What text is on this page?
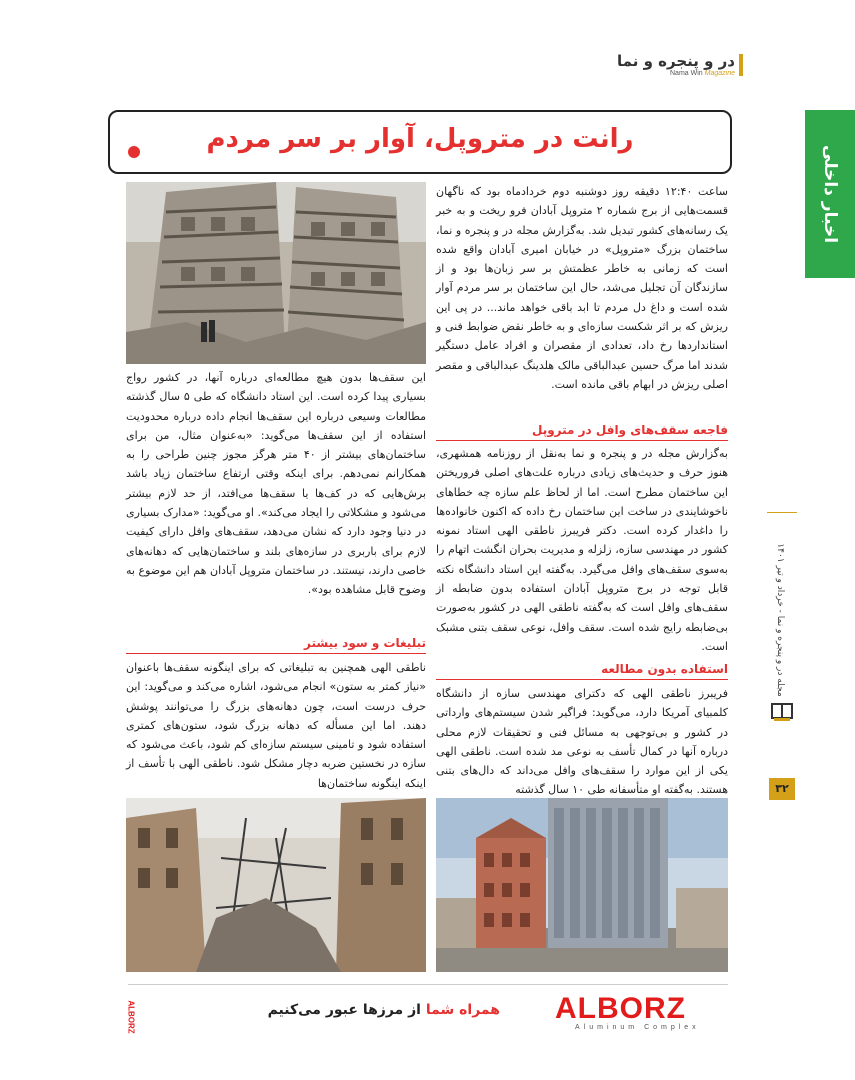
در و پنجره و نما
Nama Win Magazine
اخبار داخلی
مجله در و پنجره و نما - خرداد و تیر ۱۴۰۱
۳۲
رانت در متروپل، آوار بر سر مردم

ساعت ۱۲:۴۰ دقیقه روز دوشنبه دوم خردادماه بود که ناگهان قسمت‌هایی از برج شماره ۲ متروپل آبادان فرو ریخت و به خبر یک رسانه‌های کشور تبدیل شد. به‌گزارش مجله در و پنجره و نما، ساختمان بزرگ «متروپل» در خیابان امیری آبادان واقع شده است که زمانی به خاطر عظمتش بر سر زبان‌ها بود و از سازندگان آن تجلیل می‌شد، حال این ساختمان بر سر مردم آوار شده است و داغ دل مردم تا ابد باقی خواهد ماند... در پی این ریزش که بر اثر شکست سازه‌ای و به خاطر نقض ضوابط فنی و استانداردها رخ داد، تعدادی از مقصران و افراد عامل دستگیر شدند اما مرگ حسین عبدالباقی مالک هلدینگ عبدالباقی و مقصر اصلی ریزش در ابهام باقی مانده است.

فاجعه سقف‌های وافل در متروپل

به‌گزارش مجله در و پنجره و نما به‌نقل از روزنامه همشهری، هنوز حرف و حدیث‌های زیادی درباره علت‌های اصلی فروریختن این ساختمان مطرح است. اما از لحاظ علم سازه چه خطاهای ناخوشایندی در ساخت این ساختمان رخ داده که اکنون خانواده‌ها را داغدار کرده است. دکتر فریبرز ناطقی الهی استاد نمونه کشور در مهندسی سازه، زلزله و مدیریت بحران انگشت اتهام را به‌سوی سقف‌های وافل می‌گیرد. به‌گفته این استاد دانشگاه نکته قابل توجه در برج متروپل آبادان استفاده بدون ضابطه از سقف‌های وافل است که به‌گفته ناطقی الهی در کشور به‌صورت بی‌ضابطه رایج شده است. سقف وافل، نوعی سقف بتنی مشبک است.

استفاده بدون مطالعه

فریبرز ناطقی الهی که دکترای مهندسی سازه از دانشگاه کلمبیای آمریکا دارد، می‌گوید: فراگیر شدن سیستم‌های وارداتی در کشور و بی‌توجهی به مسائل فنی و تحقیقات لازم محلی درباره آنها در کمال تأسف به نوعی مد شده است. ناطقی الهی یکی از این موارد را سقف‌های وافل می‌داند که دال‌های بتنی هستند. به‌گفته او متأسفانه طی ۱۰ سال گذشته

این سقف‌ها بدون هیچ مطالعه‌ای درباره آنها، در کشور رواج بسیاری پیدا کرده است. این استاد دانشگاه که طی ۵ سال گذشته مطالعات وسیعی درباره این سقف‌ها انجام داده درباره محدودیت استفاده از این سقف‌ها می‌گوید: «به‌عنوان مثال، من برای ساختمان‌های بیشتر از ۴۰ متر هرگز مجوز چنین طراحی را به همکارانم نمی‌دهم. برای اینکه وقتی ارتفاع ساختمان زیاد باشد برش‌هایی که در کف‌ها یا سقف‌ها می‌افتد، از حد لازم بیشتر می‌شود و مشکلاتی را ایجاد می‌کند». او می‌گوید: «مدارک بسیاری در دنیا وجود دارد که نشان می‌دهد، سقف‌های وافل دارای کیفیت لازم برای باربری در سازه‌های بلند و ساختمان‌هایی که دهانه‌های خاصی دارند، نیستند. در ساختمان متروپل آبادان هم این موضوع به وضوح قابل مشاهده بود».

تبلیغات و سود بیشتر

ناطقی الهی همچنین به تبلیغاتی که برای اینگونه سقف‌ها باعنوان «نیاز کمتر به ستون» انجام می‌شود، اشاره می‌کند و می‌گوید: این حرف درست است، چون دهانه‌های بزرگ را می‌توانند پوشش دهند. اما این مسأله که دهانه بزرگ شود، ستون‌های کمتری استفاده شود و تامینی سیستم سازه‌ای کم شود، باعث می‌شود که سازه در نخستین ضربه دچار مشکل شود. ناطقی الهی با تأسف از اینکه اینگونه ساختمان‌ها

ALBORZ	همراه شما از مرزها عبور می‌کنیم	ALBORZ
Aluminum Complex
